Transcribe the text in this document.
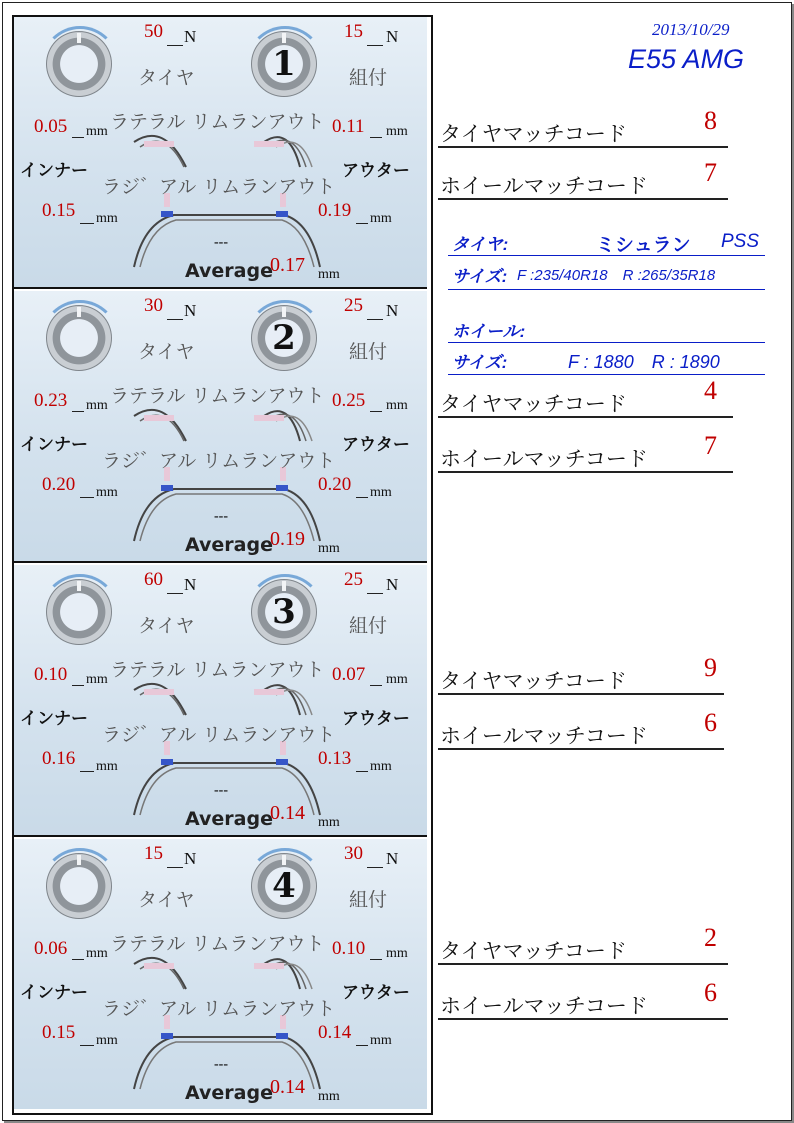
2013/10/29
E55 AMG
1
50 N
タイヤ
15 N
組付
ラテラル リムランアウト
0.05 mm	0.11 mm
インナー	アウター
ラジ゛アル リムランアウト
0.15 mm	0.19 mm
---
Average
0.17 mm
2
30 N
タイヤ
25 N
組付
ラテラル リムランアウト
0.23 mm	0.25 mm
インナー	アウター
ラジ゛アル リムランアウト
0.20 mm	0.20 mm
---
Average
0.19 mm
3
60 N
タイヤ
25 N
組付
ラテラル リムランアウト
0.10 mm	0.07 mm
インナー	アウター
ラジ゛アル リムランアウト
0.16 mm	0.13 mm
---
Average
0.14 mm
4
15 N
タイヤ
30 N
組付
ラテラル リムランアウト
0.06 mm	0.10 mm
インナー	アウター
ラジ゛アル リムランアウト
0.15 mm	0.14 mm
---
Average
0.14 mm
タイヤマッチコード	8
ホイールマッチコード 7
タイヤマッチコード	4
ホイールマッチコード 7
タイヤマッチコード	9
ホイールマッチコード 6
タイヤマッチコード	2
ホイールマッチコード 6
タイヤ:	ミシュラン PSS
サイズ: F :235/40R18　R :265/35R18
ホイール:
サイズ:	F : 1880　R : 1890
